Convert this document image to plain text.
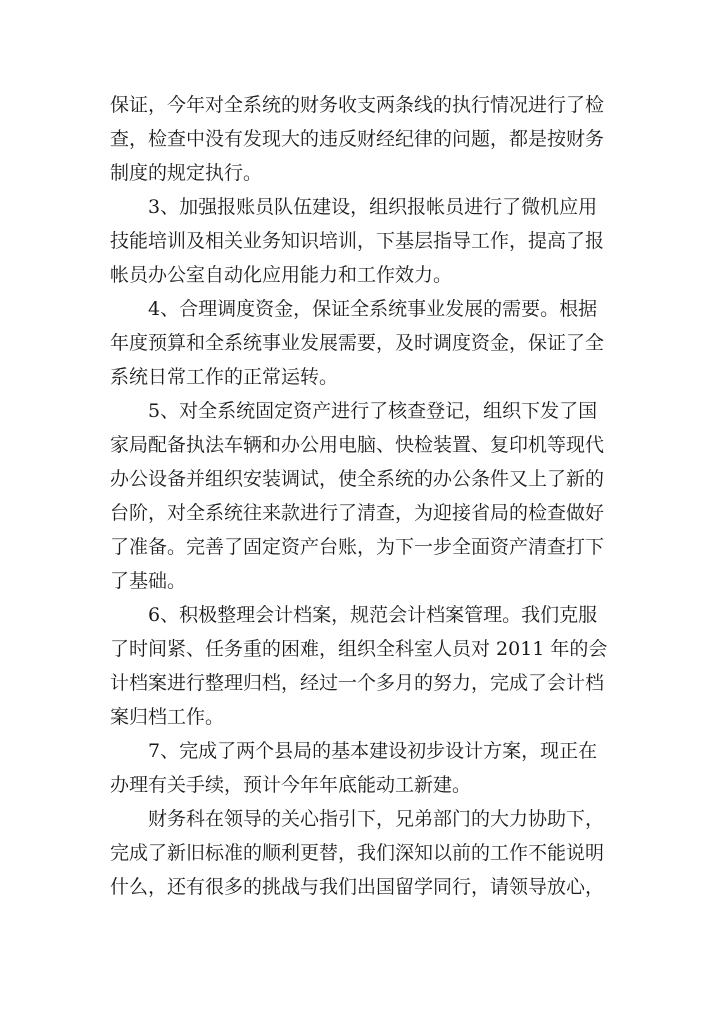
保证，今年对全系统的财务收支两条线的执行情况进行了检
查，检查中没有发现大的违反财经纪律的问题，都是按财务
制度的规定执行。
3、加强报账员队伍建设，组织报帐员进行了微机应用
技能培训及相关业务知识培训，下基层指导工作，提高了报
帐员办公室自动化应用能力和工作效力。
4、合理调度资金，保证全系统事业发展的需要。根据
年度预算和全系统事业发展需要，及时调度资金，保证了全
系统日常工作的正常运转。
5、对全系统固定资产进行了核查登记，组织下发了国
家局配备执法车辆和办公用电脑、快检装置、复印机等现代
办公设备并组织安装调试，使全系统的办公条件又上了新的
台阶，对全系统往来款进行了清查，为迎接省局的检查做好
了准备。完善了固定资产台账，为下一步全面资产清查打下
了基础。
6、积极整理会计档案，规范会计档案管理。我们克服
了时间紧、任务重的困难，组织全科室人员对 2011 年的会
计档案进行整理归档，经过一个多月的努力，完成了会计档
案归档工作。
7、完成了两个县局的基本建设初步设计方案，现正在
办理有关手续，预计今年年底能动工新建。
财务科在领导的关心指引下，兄弟部门的大力协助下，
完成了新旧标准的顺利更替，我们深知以前的工作不能说明
什么，还有很多的挑战与我们出国留学同行，请领导放心，
